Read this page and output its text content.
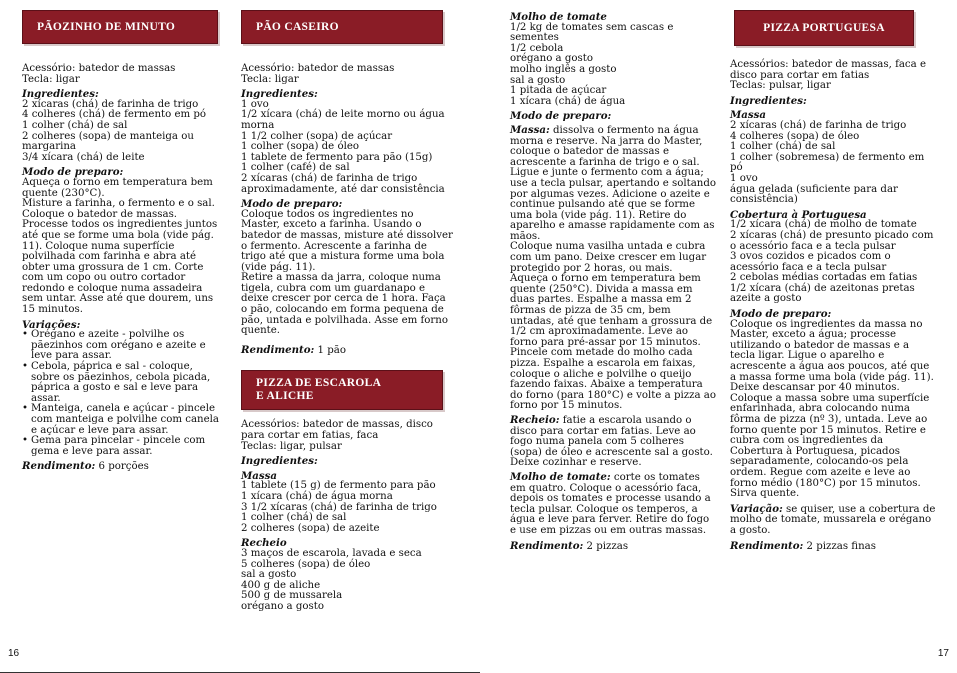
PÃOZINHO DE MINUTO

Acessório: batedor de massas

Tecla: ligar

Ingredientes:

2 xícaras (chá) de farinha de trigo

4 colheres (chá) de fermento em pó

1 colher (chá) de sal

2 colheres (sopa) de manteiga ou margarina

3/4 xícara (chá) de leite

Modo de preparo:

Aqueça o forno em temperatura bem quente (230°C).

Misture a farinha, o fermento e o sal. Coloque o batedor de massas. Processe todos os ingredientes juntos até que se forme uma bola (vide pág. 11). Coloque numa superfície polvilhada com farinha e abra até obter uma grossura de 1 cm. Corte com um copo ou outro cortador redondo e coloque numa assadeira sem untar. Asse até que dourem, uns 15 minutos.

Variações:

• Orégano e azeite - polvilhe os pãezinhos com orégano e azeite e leve para assar.
• Cebola, páprica e sal - coloque, sobre os pãezinhos, cebola picada, páprica a gosto e sal e leve para assar.
• Manteiga, canela e açúcar - pincele com manteiga e polvilhe com canela e açúcar e leve para assar.
• Gema para pincelar - pincele com gema e leve para assar.

Rendimento: 6 porções

PÃO CASEIRO

Acessório: batedor de massas

Tecla: ligar

Ingredientes:

1 ovo

1/2 xícara (chá) de leite morno ou água morna

1 1/2 colher (sopa) de açúcar

1 colher (sopa) de óleo

1 tablete de fermento para pão (15g)

1 colher (café) de sal

2 xícaras (chá) de farinha de trigo aproximadamente, até dar consistência

Modo de preparo:

Coloque todos os ingredientes no Master, exceto a farinha. Usando o batedor de massas, misture até dissolver o fermento. Acrescente a farinha de trigo até que a mistura forme uma bola (vide pág. 11).

Retire a massa da jarra, coloque numa tigela, cubra com um guardanapo e deixe crescer por cerca de 1 hora. Faça o pão, colocando em forma pequena de pão, untada e polvilhada. Asse em forno quente.

Rendimento: 1 pão

PIZZA DE ESCAROLA
E ALICHE

Acessórios: batedor de massas, disco para cortar em fatias, faca

Teclas: ligar, pulsar

Ingredientes:

Massa

1 tablete (15 g) de fermento para pão

1 xícara (chá) de água morna

3 1/2 xícaras (chá) de farinha de trigo

1 colher (chá) de sal

2 colheres (sopa) de azeite

Recheio

3 maços de escarola, lavada e seca

5 colheres (sopa) de óleo

sal a gosto

400 g de aliche

500 g de mussarela

orégano a gosto

16

Molho de tomate

1/2 kg de tomates sem cascas e sementes

1/2 cebola

orégano a gosto

molho inglês a gosto

sal a gosto

1 pitada de açúcar

1 xícara (chá) de água

Modo de preparo:

Massa: dissolva o fermento na água morna e reserve. Na jarra do Master, coloque o batedor de massas e acrescente a farinha de trigo e o sal. Ligue e junte o fermento com a água; use a tecla pulsar, apertando e soltando por algumas vezes. Adicione o azeite e continue pulsando até que se forme uma bola (vide pág. 11). Retire do aparelho e amasse rapidamente com as mãos.

Coloque numa vasilha untada e cubra com um pano. Deixe crescer em lugar protegido por 2 horas, ou mais.

Aqueça o forno em temperatura bem quente (250°C). Divida a massa em duas partes. Espalhe a massa em 2 fôrmas de pizza de 35 cm, bem untadas, até que tenham a grossura de 1/2 cm aproximadamente. Leve ao forno para pré-assar por 15 minutos. Pincele com metade do molho cada pizza. Espalhe a escarola em faixas, coloque o aliche e polvilhe o queijo fazendo faixas. Abaixe a temperatura do forno (para 180°C) e volte a pizza ao forno por 15 minutos.

Recheio: fatie a escarola usando o disco para cortar em fatias. Leve ao fogo numa panela com 5 colheres (sopa) de óleo e acrescente sal a gosto. Deixe cozinhar e reserve.

Molho de tomate: corte os tomates em quatro. Coloque o acessório faca, depois os tomates e processe usando a tecla pulsar. Coloque os temperos, a água e leve para ferver. Retire do fogo e use em pizzas ou em outras massas.

Rendimento: 2 pizzas

PIZZA PORTUGUESA

Acessórios: batedor de massas, faca e disco para cortar em fatias

Teclas: pulsar, ligar

Ingredientes:

Massa

2 xícaras (chá) de farinha de trigo

4 colheres (sopa) de óleo

1 colher (chá) de sal

1 colher (sobremesa) de fermento em pó

1 ovo

água gelada (suficiente para dar consistência)

Cobertura à Portuguesa

1/2 xícara (chá) de molho de tomate

2 xícaras (chá) de presunto picado com o acessório faca e a tecla pulsar

3 ovos cozidos e picados com o acessório faca e a tecla pulsar

2 cebolas médias cortadas em fatias

1/2 xícara (chá) de azeitonas pretas

azeite a gosto

Modo de preparo:

Coloque os ingredientes da massa no Master, exceto a água; processe utilizando o batedor de massas e a tecla ligar. Ligue o aparelho e acrescente a água aos poucos, até que a massa forme uma bola (vide pág. 11). Deixe descansar por 40 minutos. Coloque a massa sobre uma superfície enfarinhada, abra colocando numa fôrma de pizza (nº 3), untada. Leve ao forno quente por 15 minutos. Retire e cubra com os ingredientes da Cobertura à Portuguesa, picados separadamente, colocando-os pela ordem. Regue com azeite e leve ao forno médio (180°C) por 15 minutos. Sirva quente.

Variação: se quiser, use a cobertura de molho de tomate, mussarela e orégano a gosto.

Rendimento: 2 pizzas finas

17
